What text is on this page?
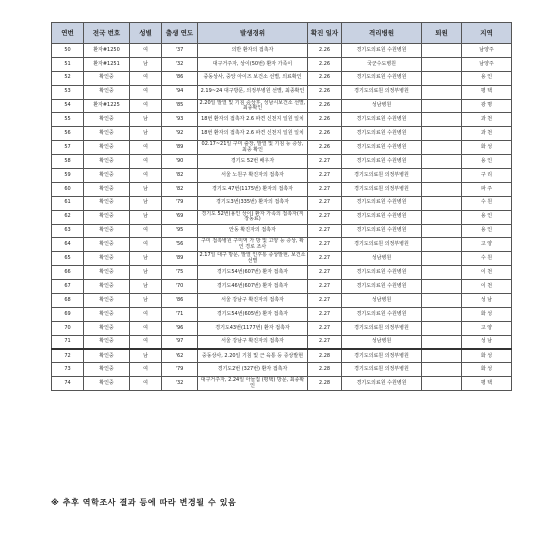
연번	전국 번호	성별	출생 연도	발생경위	확진 일자	격리병원	퇴원	지역
50	환자#1250	여	'37	의반 환자의 접촉자	2.26	경기도의료원 수원병원		남양주
51	환자#1251	남	'32	대구거주자, 상이(50번) 환자 가족이	2.26	국군수도병원		남양주
52	확인중	여	'86	중동상사, 중앙 아이즈 보건소 선별, 의료확인	2.26	경기도의료원 수원병원		용 인
53	확인중	여	'94	2.19~24 대구방문, 의정부병원 선별, 최종확인	2.26	경기도의료원 의정부병원		평 택
54	환자#1225	여	'85	2.20일 발열 및 기침 증상후, 성남시보건소 선별, 최종확인	2.26	성남병원		광 명
55	확인중	남	'93	18번 환자의 접촉자 2.6 파견 신천지 일원 일치	2.26	경기도의료원 수원병원		과 천
56	확인중	남	'92	18번 환자의 접촉자 2.6 파견 신천지 일원 일치	2.26	경기도의료원 수원병원		과 천
57	확인중	여	'89	02.17~21일 구미 출장, 발열 및 기침 등 증상, 최종 확인	2.26	경기도의료원 수원병원		화 성
58	확인중	여	'90	경기도 52번 배우자	2.27	경기도의료원 수원병원		용 인
59	확인중	여	'82	서울 노원구 확진자의 접촉자	2.27	경기도의료원 의정부병원		구 리
60	확인중	남	'82	경기도 47번(1175번) 환자의 접촉자	2.27	경기도의료원 의정부병원		파 주
61	확인중	남	'79	경기도3번(335번) 환자의 접촉자	2.27	경기도의료원 수원병원		수 원
62	확인중	남	'69	경기도 52번(용인 상이) 환자 가족의 접촉자(직장동료)	2.27	경기도의료원 수원병원		용 인
63	확인중	여	'95	안동 확진자의 접촉자	2.27	경기도의료원 수원병원		용 인
64	확인중	여	'56	구미 접촉병원 구미역 가 방 및 고양 등 증상, 확인 경로 조사	2.27	경기도의료원 의정부병원		고 양
65	확인중	남	'89	2.17일 대구 방문, 발열 인후통 증상발현, 보건소 선별	2.27	성남병원		수 원
66	확인중	남	'75	경기도54번(607번) 환자 접촉자	2.27	경기도의료원 수원병원		이 천
67	확인중	남	'70	경기도46번(607번) 환자 접촉자	2.27	경기도의료원 수원병원		이 천
68	확인중	남	'86	서울 강남구 확진자의 접촉자	2.27	성남병원		성 남
69	확인중	여	'71	경기도54번(605번) 환자 접촉자	2.27	경기도의료원 수원병원		화 성
70	확인중	여	'96	경기도43번(1177번) 환자 접촉자	2.27	경기도의료원 의정부병원		고 양
71	확인중	여	'97	서울 강남구 확진자의 접촉자	2.27	성남병원		성 남
72	확인중	남	'62	중동상사, 2.20일 기침 및 근 육통 등 증상발현	2.28	경기도의료원 의정부병원		화 성
73	확인중	여	'79	경기도2번 (327번) 환자 접촉자	2.28	경기도의료원 의정부병원		화 성
74	확인중	여	'32	대구거주자, 2.24일 아들집 (평택) 방문, 최종확인	2.28	경기도의료원 수원병원		평 택
※ 추후 역학조사 결과 등에 따라 변경될 수 있음
